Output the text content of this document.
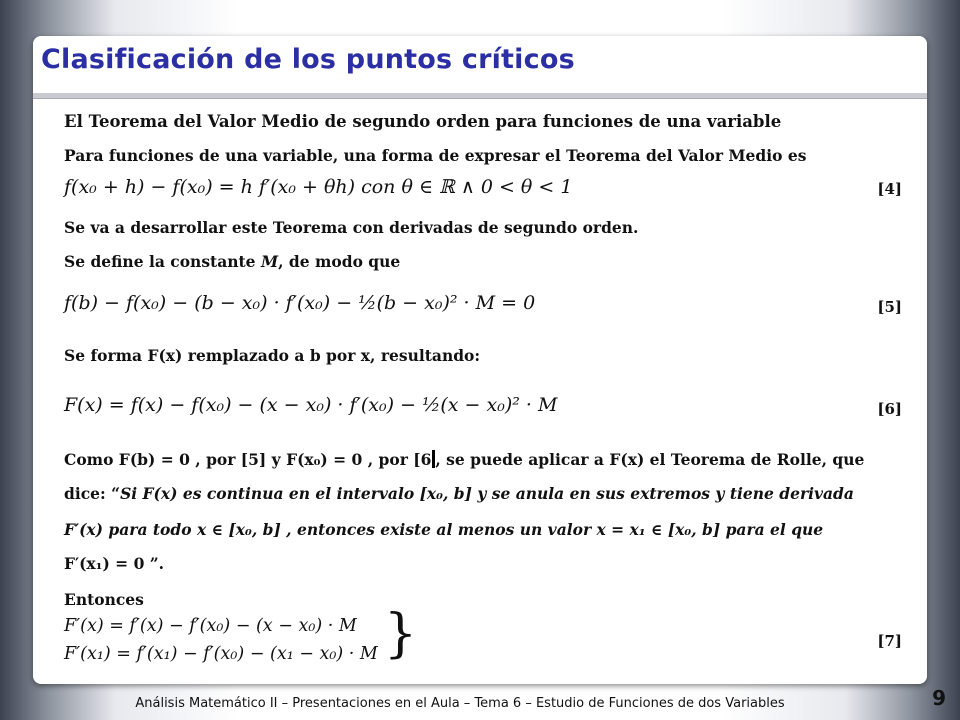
Clasificación de los puntos críticos
El Teorema del Valor Medio de segundo orden para funciones de una variable
Para funciones de una variable, una forma de expresar el Teorema del Valor Medio es
f(x₀ + h) − f(x₀) = h f′(x₀ + θh) con θ ∈ ℝ ∧ 0 < θ < 1	[4]
Se va a desarrollar este Teorema con derivadas de segundo orden.
Se define la constante M, de modo que
f(b) − f(x₀) − (b − x₀) · f′(x₀) − ½(b − x₀)² · M = 0	[5]
Se forma F(x) remplazado a b por x, resultando:
F(x) = f(x) − f(x₀) − (x − x₀) · f′(x₀) − ½(x − x₀)² · M	[6]
Como F(b) = 0 , por [5] y F(x₀) = 0 , por [6 , se puede aplicar a F(x) el Teorema de Rolle, que
dice: “Si F(x) es continua en el intervalo [x₀, b] y se anula en sus extremos y tiene derivada
F′(x) para todo x ∈ [x₀, b] , entonces existe al menos un valor x = x₁ ∈ [x₀, b] para el que
F′(x₁) = 0 ”.
Entonces
F′(x) = f′(x) − f′(x₀) − (x − x₀) · M
F′(x₁) = f′(x₁) − f′(x₀) − (x₁ − x₀) · M }	[7]
Análisis Matemático II – Presentaciones en el Aula – Tema 6 – Estudio de Funciones de dos Variables	9
